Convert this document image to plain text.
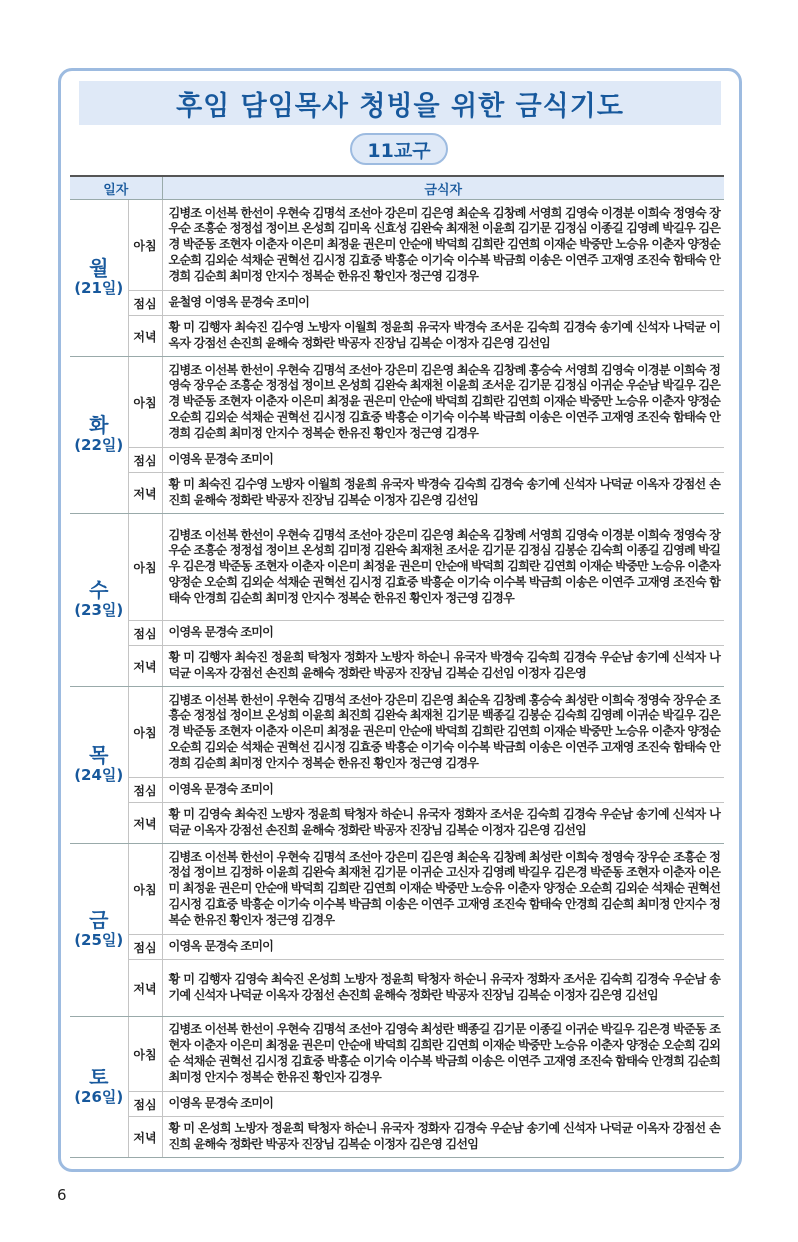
후임 담임목사 청빙을 위한 금식기도
11교구
일자		금식자

월
(21일)	아침	김병조 이선복 한선이 우현숙 김명석 조선아 강은미 김은영 최순옥 김창례 서영희 김영숙 이경분 이희숙 정영숙 장우순 조흥순 정정섭 정이브 온성희 김미옥 신효성 김완숙 최재천 이윤희 김기문 김정심 이종길 김영례 박길우 김은경 박준동 조현자 이춘자 이은미 최정윤 권은미 안순애 박덕희 김희란 김연희 이재순 박중만 노승유 이춘자 양정순 오순희 김외순 석채순 권혁선 김시정 김효중 박흥순 이기숙 이수복 박금희 이송은 이연주 고재영 조진숙 함태숙 안경희 김순희 최미정 안지수 정복순 한유진 황인자 정근영 김경우
	점심	윤철영 이영옥 문경숙 조미이
	저녁	황 미 김행자 최숙진 김수영 노방자 이월희 정윤희 유국자 박경숙 조서운 김숙희 김경숙 송기예 신석자 나덕균 이옥자 강점선 손진희 윤해숙 정화란 박공자 진장님 김복순 이정자 김은영 김선임

화
(22일)	아침	김병조 이선복 한선이 우현숙 김명석 조선아 강은미 김은영 최순옥 김창례 홍승숙 서영희 김영숙 이경분 이희숙 정영숙 장우순 조흥순 정정섭 정이브 온성희 김완숙 최재천 이윤희 조서운 김기문 김정심 이귀순 우순남 박길우 김은경 박준동 조현자 이춘자 이은미 최정윤 권은미 안순애 박덕희 김희란 김연희 이재순 박중만 노승유 이춘자 양정순 오순희 김외순 석채순 권혁선 김시정 김효중 박흥순 이기숙 이수복 박금희 이송은 이연주 고재영 조진숙 함태숙 안경희 김순희 최미정 안지수 정복순 한유진 황인자 정근영 김경우
	점심	이영옥 문경숙 조미이
	저녁	황 미 최숙진 김수영 노방자 이월희 정윤희 유국자 박경숙 김숙희 김경숙 송기예 신석자 나덕균 이옥자 강점선 손진희 윤해숙 정화란 박공자 진장님 김복순 이정자 김은영 김선임

수
(23일)	아침	김병조 이선복 한선이 우현숙 김명석 조선아 강은미 김은영 최순옥 김창례 서영희 김영숙 이경분 이희숙 정영숙 장우순 조흥순 정정섭 정이브 온성희 김미정 김완숙 최재천 조서운 김기문 김정심 김봉순 김숙희 이종길 김영례 박길우 김은경 박준동 조현자 이춘자 이은미 최정윤 권은미 안순애 박덕희 김희란 김연희 이재순 박중만 노승유 이춘자 양정순 오순희 김외순 석채순 권혁선 김시정 김효중 박흥순 이기숙 이수복 박금희 이송은 이연주 고재영 조진숙 함태숙 안경희 김순희 최미정 안지수 정복순 한유진 황인자 정근영 김경우
	점심	이영옥 문경숙 조미이
	저녁	황 미 김행자 최숙진 정윤희 탁청자 정화자 노방자 하순니 유국자 박경숙 김숙희 김경숙 우순남 송기예 신석자 나덕균 이옥자 강점선 손진희 윤해숙 정화란 박공자 진장님 김복순 김선임 이정자 김은영

목
(24일)	아침	김병조 이선복 한선이 우현숙 김명석 조선아 강은미 김은영 최순옥 김창례 홍승숙 최성란 이희숙 정영숙 장우순 조흥순 정정섭 정이브 온성희 이윤희 최진희 김완숙 최재천 김기문 백종길 김봉순 김숙희 김영례 이귀순 박길우 김은경 박준동 조현자 이춘자 이은미 최정윤 권은미 안순애 박덕희 김희란 김연희 이재순 박중만 노승유 이춘자 양정순 오순희 김외순 석채순 권혁선 김시정 김효중 박흥순 이기숙 이수복 박금희 이송은 이연주 고재영 조진숙 함태숙 안경희 김순희 최미정 안지수 정복순 한유진 황인자 정근영 김경우
	점심	이영옥 문경숙 조미이
	저녁	황 미 김영숙 최숙진 노방자 정윤희 탁청자 하순니 유국자 정화자 조서운 김숙희 김경숙 우순남 송기예 신석자 나덕균 이옥자 강점선 손진희 윤해숙 정화란 박공자 진장님 김복순 이정자 김은영 김선임

금
(25일)	아침	김병조 이선복 한선이 우현숙 김명석 조선아 강은미 김은영 최순옥 김창례 최성란 이희숙 정영숙 장우순 조흥순 정정섭 정이브 김정하 이윤희 김완숙 최재천 김기문 이귀순 고신자 김영례 박길우 김은경 박준동 조현자 이춘자 이은미 최정윤 권은미 안순애 박덕희 김희란 김연희 이재순 박중만 노승유 이춘자 양정순 오순희 김외순 석채순 권혁선 김시정 김효중 박흥순 이기숙 이수복 박금희 이송은 이연주 고재영 조진숙 함태숙 안경희 김순희 최미정 안지수 정복순 한유진 황인자 정근영 김경우
	점심	이영옥 문경숙 조미이
	저녁	황 미 김행자 김영숙 최숙진 온성희 노방자 정윤희 탁청자 하순니 유국자 정화자 조서운 김숙희 김경숙 우순남 송기예 신석자 나덕균 이옥자 강점선 손진희 윤해숙 정화란 박공자 진장님 김복순 이정자 김은영 김선임

토
(26일)	아침	김병조 이선복 한선이 우현숙 김명석 조선아 김영숙 최성란 백종길 김기문 이종길 이귀순 박길우 김은경 박준동 조현자 이춘자 이은미 최정윤 권은미 안순애 박덕희 김희란 김연희 이재순 박중만 노승유 이춘자 양정순 오순희 김외순 석채순 권혁선 김시정 김효중 박흥순 이기숙 이수복 박금희 이송은 이연주 고재영 조진숙 함태숙 안경희 김순희 최미정 안지수 정복순 한유진 황인자 김경우
	점심	이영옥 문경숙 조미이
	저녁	황 미 온성희 노방자 정윤희 탁청자 하순니 유국자 정화자 김경숙 우순남 송기예 신석자 나덕균 이옥자 강점선 손진희 윤해숙 정화란 박공자 진장님 김복순 이정자 김은영 김선임
6
